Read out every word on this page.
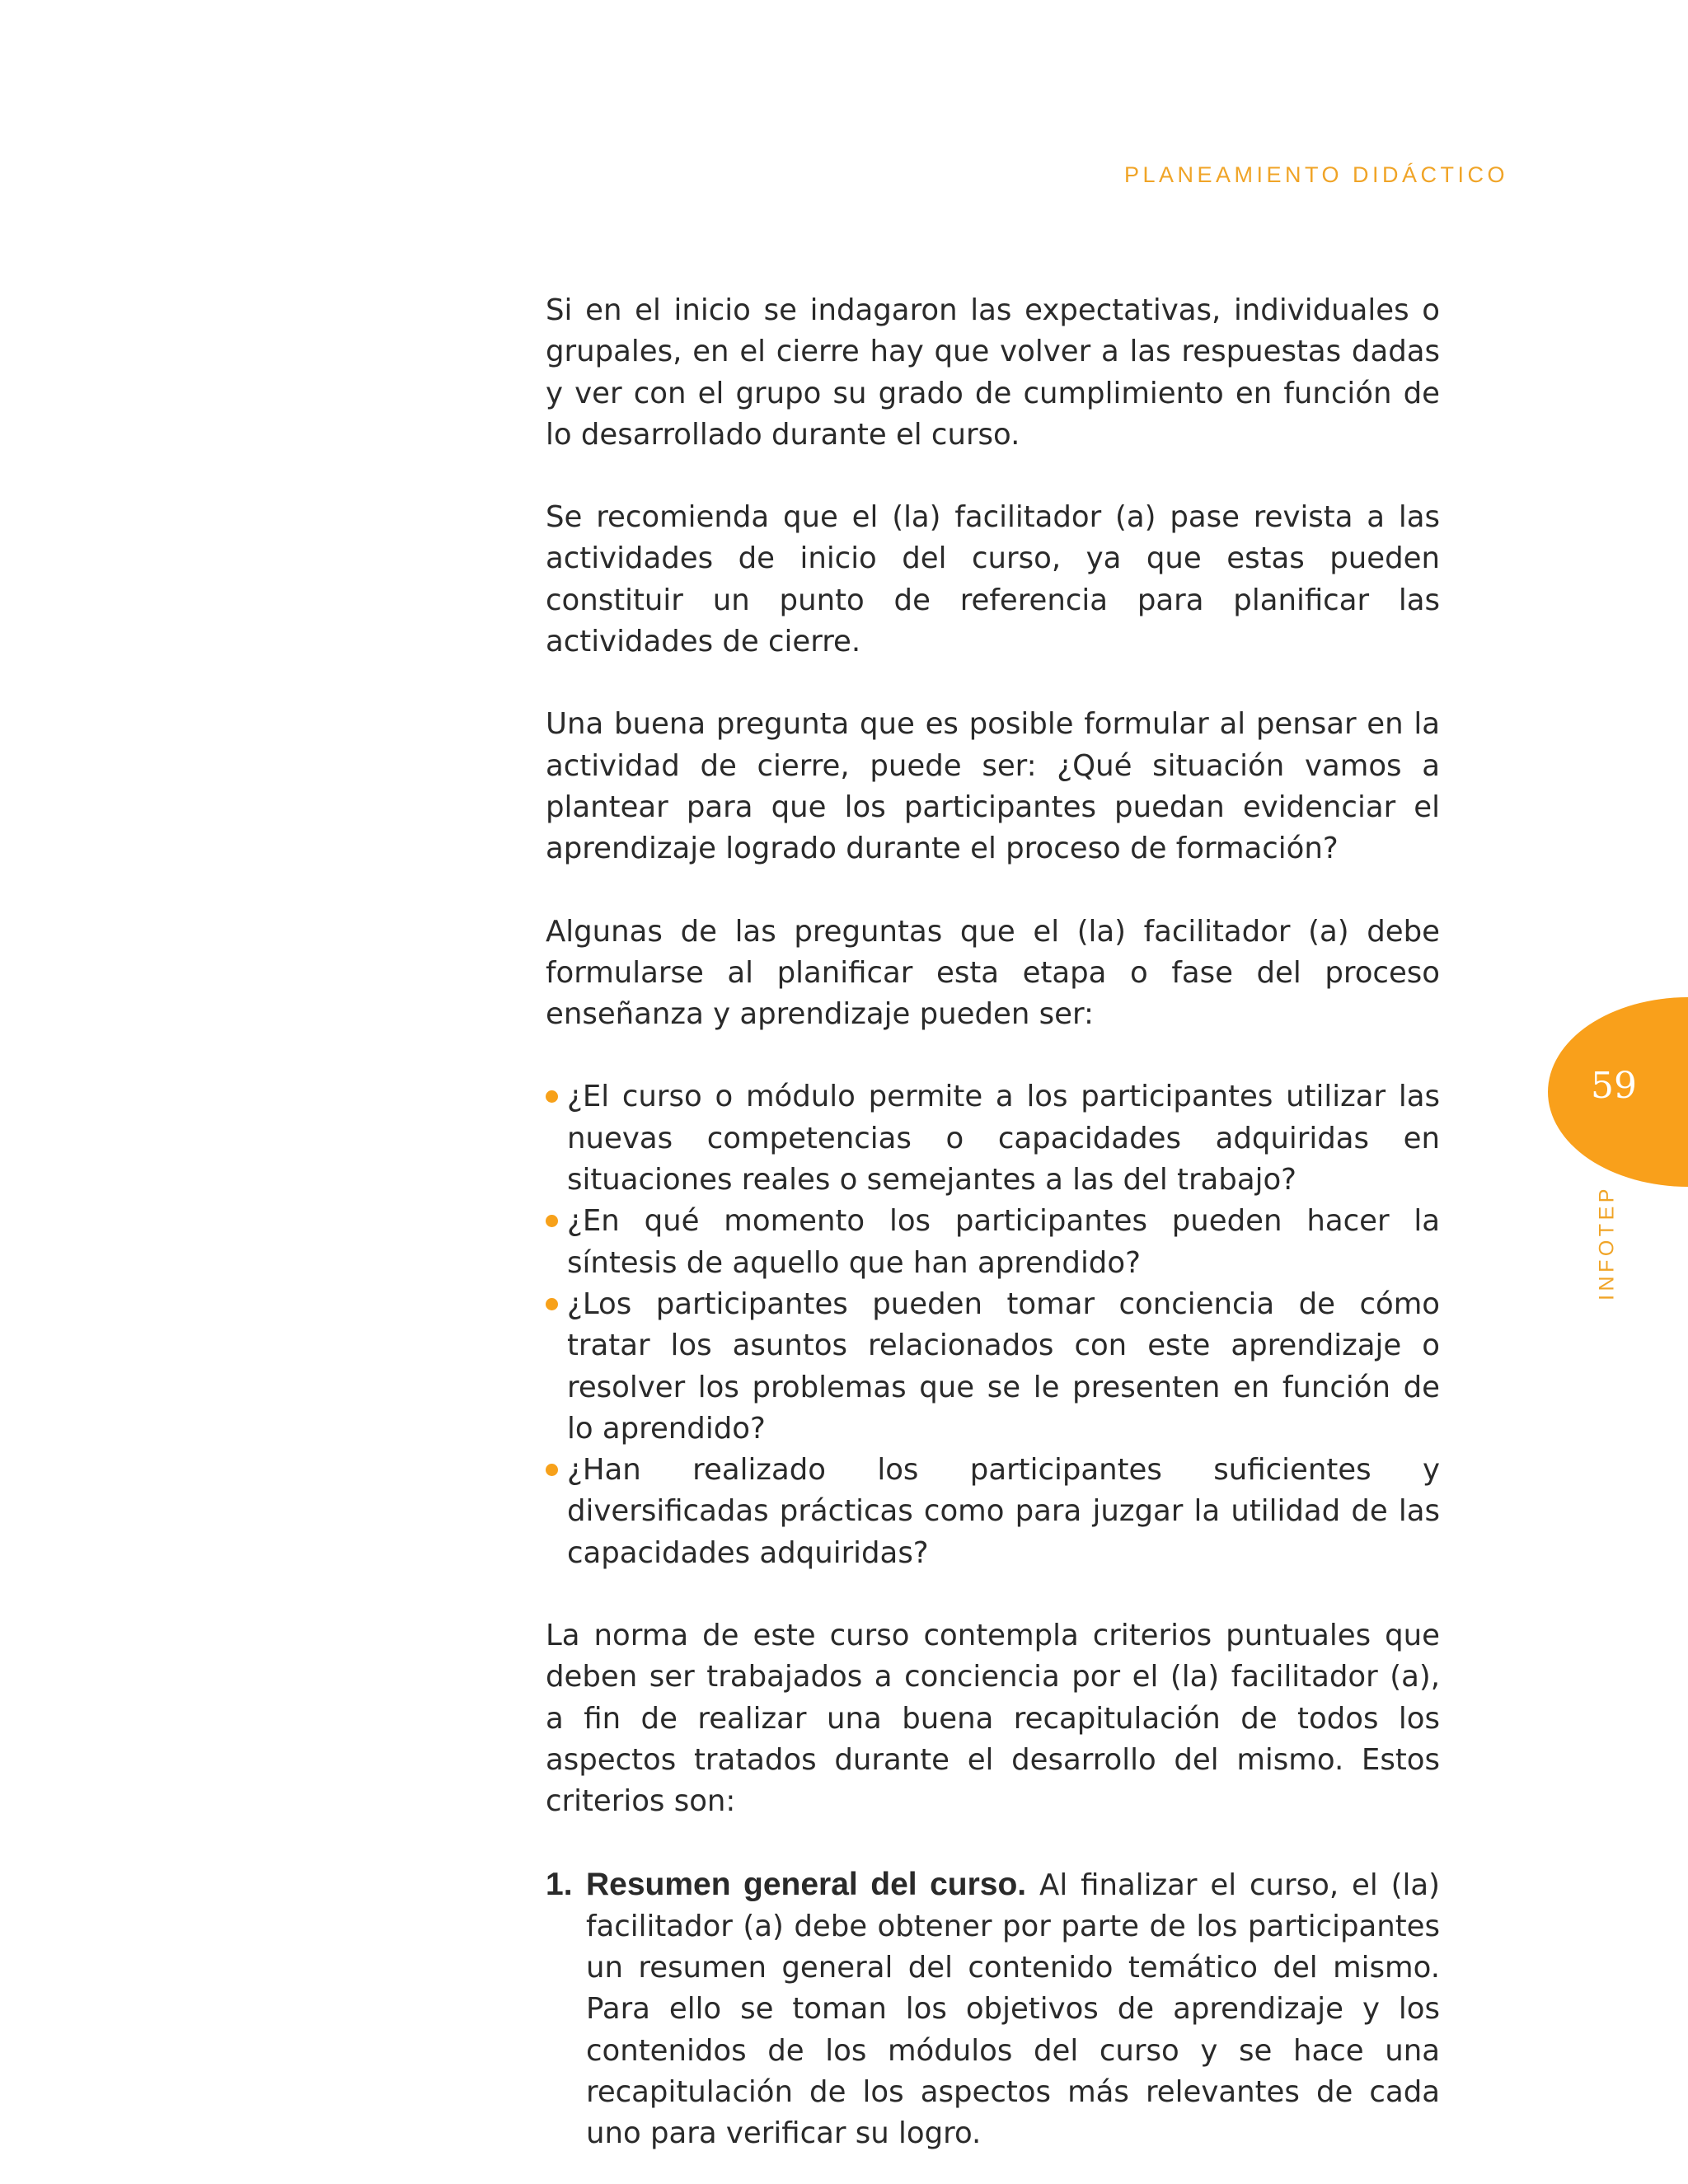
PLANEAMIENTO DIDÁCTICO

Si en el inicio se indagaron las expectativas, individuales o grupales, en el cierre hay que volver a las respuestas dadas y ver con el grupo su grado de cumplimiento en función de lo desarrollado durante el curso.

Se recomienda que el (la) facilitador (a) pase revista a las actividades de inicio del curso, ya que estas pueden constituir un punto de referencia para planificar las actividades de cierre.

Una buena pregunta que es posible formular al pensar en la actividad de cierre, puede ser: ¿Qué situación vamos a plantear para que los participantes puedan evidenciar el aprendizaje logrado durante el proceso de formación?

Algunas de las preguntas que el (la) facilitador (a) debe formularse al planificar esta etapa o fase del proceso enseñanza y aprendizaje pueden ser:

¿El curso o módulo permite a los participantes utilizar las nuevas competencias o capacidades adquiridas en situaciones reales o semejantes a las del trabajo?
¿En qué momento los participantes pueden hacer la síntesis de aquello que han aprendido?
¿Los participantes pueden tomar conciencia de cómo tratar los asuntos relacionados con este aprendizaje o resolver los problemas que se le presenten en función de lo aprendido?
¿Han realizado los participantes suficientes y diversificadas prácticas como para juzgar la utilidad de las capacidades adquiridas?

La norma de este curso contempla criterios puntuales que deben ser trabajados a conciencia por el (la) facilitador (a), a fin de realizar una buena recapitulación de todos los aspectos tratados durante el desarrollo del mismo. Estos criterios son:

1. Resumen general del curso. Al finalizar el curso, el (la) facilitador (a) debe obtener por parte de los participantes un resumen general del contenido temático del mismo. Para ello se toman los objetivos de aprendizaje y los contenidos de los módulos del curso y se hace una recapitulación de los aspectos más relevantes de cada uno para verificar su logro.
59
INFOTEP
